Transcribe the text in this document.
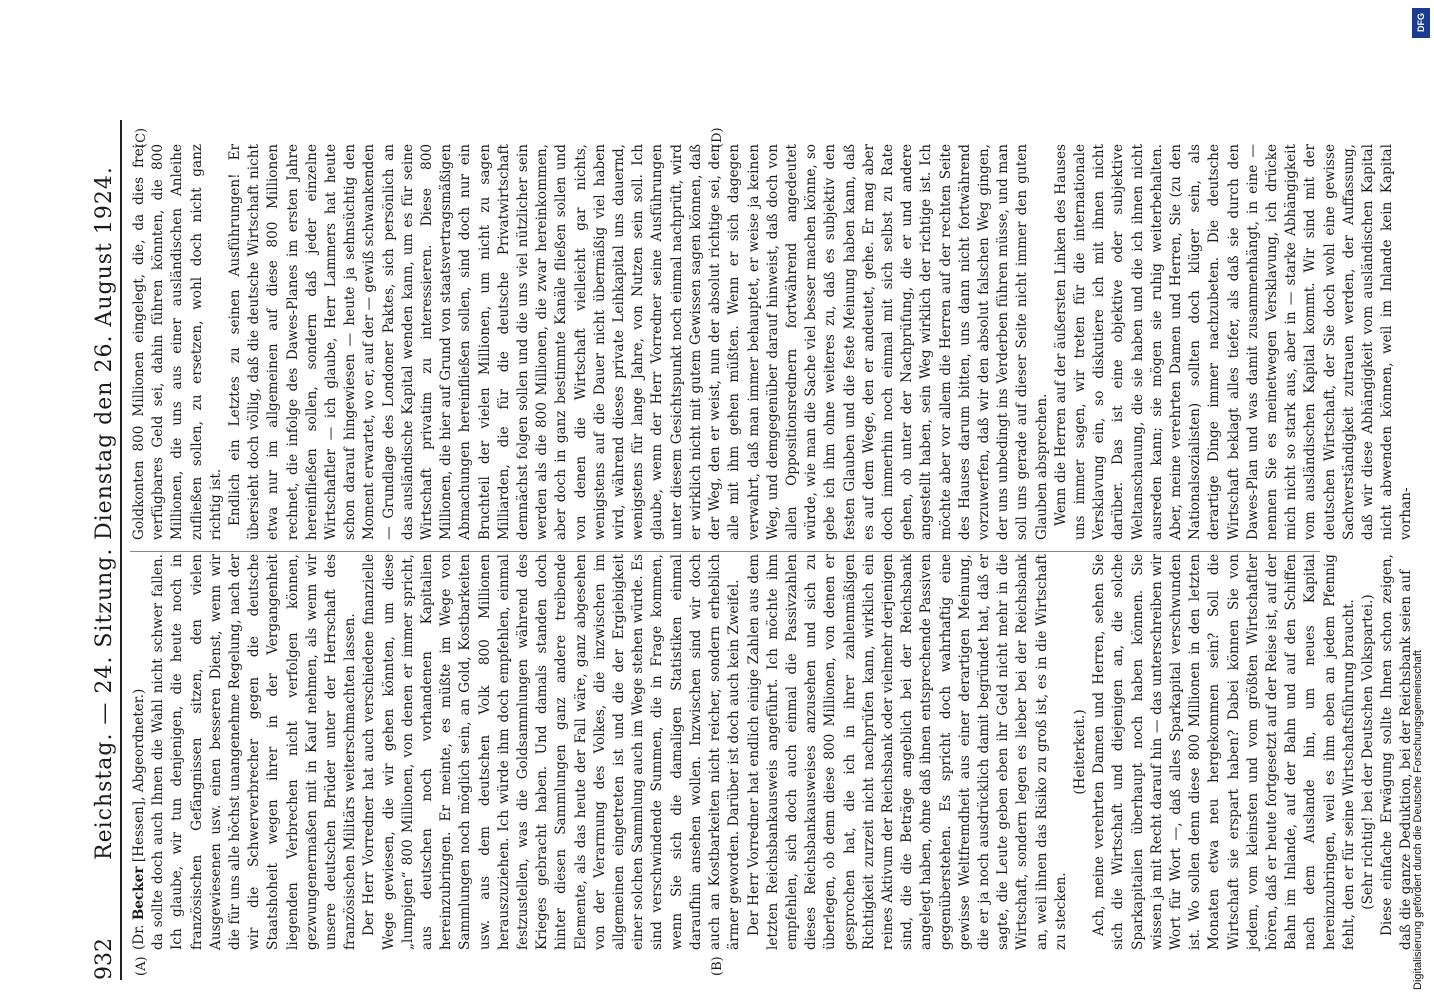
932
Reichstag. — 24. Sitzung.
Dienstag den 26. August 1924.
(A)	(B)
(C)	(D)

(Dr. Becker [Hessen], Abgeordneter.) da sollte doch auch Ihnen die Wahl nicht schwer fallen. Ich glaube, wir tun denjenigen, die heute noch in französischen Gefängnissen sitzen, den vielen Ausgewiesenen usw. einen besseren Dienst, wenn wir die für uns alle höchst unangenehme Regelung, nach der wir die Schwerverbrecher gegen die deutsche Staatshoheit wegen ihrer in der Vergangenheit liegenden Verbrechen nicht verfolgen können, gezwungenermaßen mit in Kauf nehmen, als wenn wir unsere deutschen Brüder unter der Herrschaft des französischen Militärs weiterschmachten lassen. Der Herr Vorredner hat auch verschiedene finanzielle Wege gewiesen, die wir gehen könnten, um diese „lumpigen“ 800 Millionen, von denen er immer spricht, aus deutschen noch vorhandenen Kapitalien hereinzubringen. Er meinte, es müßte im Wege von Sammlungen noch möglich sein, an Gold, Kostbarkeiten usw. aus dem deutschen Volk 800 Millionen herauszuziehen. Ich würde ihm doch empfehlen, einmal festzustellen, was die Goldsammlungen während des Krieges gebracht haben. Und damals standen doch hinter diesen Sammlungen ganz andere treibende Elemente, als das heute der Fall wäre, ganz abgesehen von der Verarmung des Volkes, die inzwischen im allgemeinen eingetreten ist und die der Ergiebigkeit einer solchen Sammlung auch im Wege stehen würde. Es sind verschwindende Summen, die in Frage kommen, wenn Sie sich die damaligen Statistiken einmal daraufhin ansehen wollen. Inzwischen sind wir doch auch an Kostbarkeiten nicht reicher, sondern erheblich ärmer geworden. Darüber ist doch auch kein Zweifel. Der Herr Vorredner hat endlich einige Zahlen aus dem letzten Reichsbankausweis angeführt. Ich möchte ihm empfehlen, sich doch auch einmal die Passivzahlen dieses Reichsbankausweises anzusehen und sich zu überlegen, ob denn diese 800 Millionen, von denen er gesprochen hat, die ich in ihrer zahlenmäßigen Richtigkeit zurzeit nicht nachprüfen kann, wirklich ein reines Aktivum der Reichsbank oder vielmehr derjenigen sind, die die Beträge angeblich bei der Reichsbank angelegt haben, ohne daß ihnen entsprechende Passiven gegenüberstehen. Es spricht doch wahrhaftig eine gewisse Weltfremdheit aus einer derartigen Meinung, die er ja noch ausdrücklich damit begründet hat, daß er sagte, die Leute geben eben ihr Geld nicht mehr in die Wirtschaft, sondern legen es lieber bei der Reichsbank an, weil ihnen das Risiko zu groß ist, es in die Wirtschaft zu stecken.

(Heiterkeit.) Ach, meine verehrten Damen und Herren, sehen Sie sich die Wirtschaft und diejenigen an, die solche Sparkapitalien überhaupt noch haben können. Sie wissen ja mit Recht darauf hin — das unterschreiben wir Wort für Wort —, daß alles Sparkapital verschwunden ist. Wo sollen denn diese 800 Millionen in den letzten Monaten etwa neu hergekommen sein? Soll die Wirtschaft sie erspart haben? Dabei können Sie von jedem, vom kleinsten und vom größten Wirtschaftler hören, daß er heute fortgesetzt auf der Reise ist, auf der Bahn im Inlande, auf der Bahn und auf den Schiffen nach dem Auslande hin, um neues Kapital hereinzubringen, weil es ihm eben an jedem Pfennig fehlt, den er für seine Wirtschaftsführung braucht. (Sehr richtig! bei der Deutschen Volkspartei.) Diese einfache Erwägung sollte Ihnen schon zeigen, daß die ganze Deduktion, bei der Reichsbank seien auf

Goldkonten 800 Millionen eingelegt, die, da dies frei verfügbares Geld sei, dahin führen könnten, die 800 Millionen, die uns aus einer ausländischen Anleihe zufließen sollen, zu ersetzen, wohl doch nicht ganz richtig ist. Endlich ein Letztes zu seinen Ausführungen! Er übersieht doch völlig, daß die deutsche Wirtschaft nicht etwa nur im allgemeinen auf diese 800 Millionen rechnet, die infolge des Dawes-Planes im ersten Jahre hereinfließen sollen, sondern daß jeder einzelne Wirtschaftler — ich glaube, Herr Lammers hat heute schon darauf hingewiesen — heute ja sehnsüchtig den Moment erwartet, wo er, auf der — gewiß schwankenden — Grundlage des Londoner Paktes, sich persönlich an das ausländische Kapital wenden kann, um es für seine Wirtschaft privatim zu interessieren. Diese 800 Millionen, die hier auf Grund von staatsvertragsmäßigen Abmachungen hereinfließen sollen, sind doch nur ein Bruchteil der vielen Millionen, um nicht zu sagen Milliarden, die für die deutsche Privatwirtschaft demnächst folgen sollen und die uns viel nützlicher sein werden als die 800 Millionen, die zwar hereinkommen, aber doch in ganz bestimmte Kanäle fließen sollen und von denen die Wirtschaft vielleicht gar nichts, wenigstens auf die Dauer nicht übermäßig viel haben wird, während dieses private Leihkapital uns dauernd, wenigstens für lange Jahre, von Nutzen sein soll. Ich glaube, wenn der Herr Vorredner seine Ausführungen unter diesem Gesichtspunkt noch einmal nachprüft, wird er wirklich nicht mit gutem Gewissen sagen können, daß der Weg, den er weist, nun der absolut richtige sei, den alle mit ihm gehen müßten. Wenn er sich dagegen verwahrt, daß man immer behauptet, er weise ja keinen Weg, und demgegenüber darauf hinweist, daß doch von allen Oppositionsrednern fortwährend angedeutet würde, wie man die Sache viel besser machen könne, so gebe ich ihm ohne weiteres zu, daß es subjektiv den festen Glauben und die feste Meinung haben kann, daß es auf dem Wege, den er andeutet, gehe. Er mag aber doch immerhin noch einmal mit sich selbst zu Rate gehen, ob unter der Nachprüfung, die er und andere angestellt haben, sein Weg wirklich der richtige ist. Ich möchte aber vor allem die Herren auf der rechten Seite des Hauses darum bitten, uns dann nicht fortwährend vorzuwerfen, daß wir den absolut falschen Weg gingen, der uns unbedingt ins Verderben führen müsse, und man soll uns gerade auf dieser Seite nicht immer den guten Glauben absprechen. Wenn die Herren auf der äußersten Linken des Hauses uns immer sagen, wir treten für die internationale Versklavung ein, so diskutiere ich mit ihnen nicht darüber. Das ist eine objektive oder subjektive Weltanschauung, die sie haben und die ich ihnen nicht ausreden kann; sie mögen sie ruhig weiterbehalten. Aber, meine verehrten Damen und Herren, Sie (zu den Nationalsozialisten) sollten doch klüger sein, als derartige Dinge immer nachzubeten. Die deutsche Wirtschaft beklagt alles tiefer, als daß sie durch den Dawes-Plan und was damit zusammenhängt, in eine — nennen Sie es meinetwegen Versklavung, ich drücke mich nicht so stark aus, aber in — starke Abhängigkeit vom ausländischen Kapital kommt. Wir sind mit der deutschen Wirtschaft, der Sie doch wohl eine gewisse Sachverständigkeit zutrauen werden, der Auffassung, daß wir diese Abhängigkeit vom ausländischen Kapital nicht abwenden können, weil im Inlande kein Kapital vorhan-

Digitalisierung gefördert durch die Deutsche Forschungsgemeinschaft
DFG
